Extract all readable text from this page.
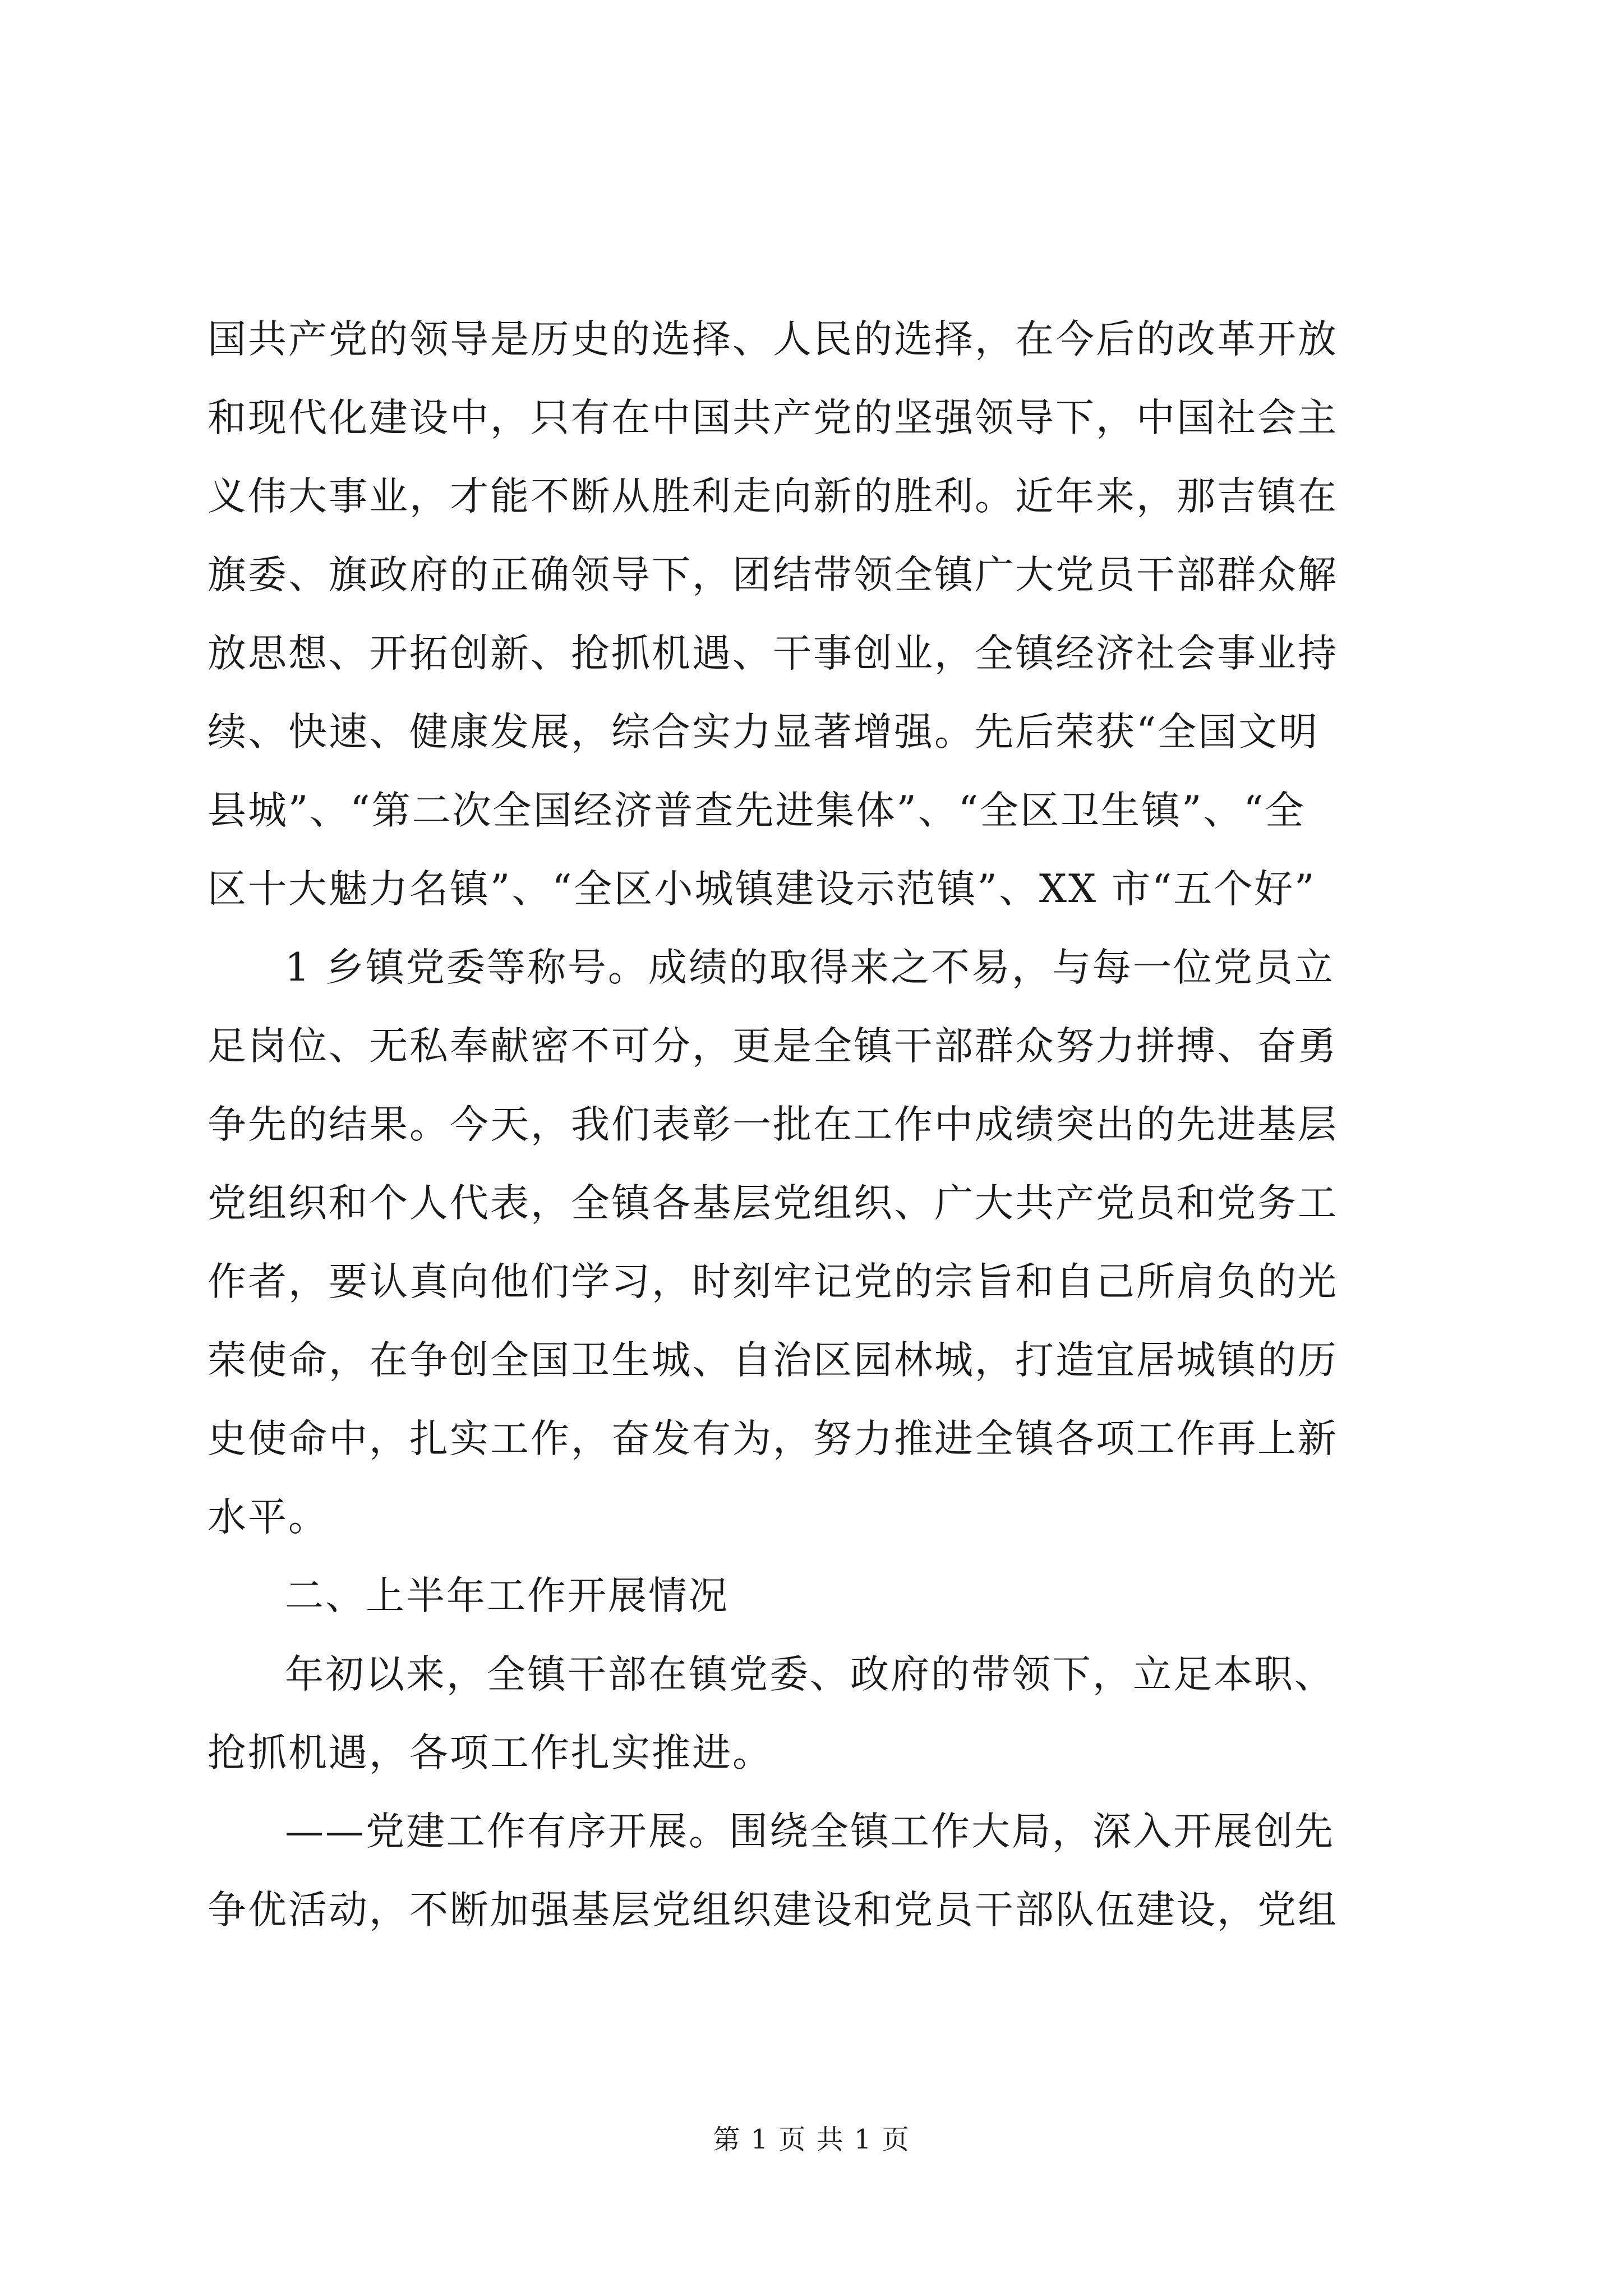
国共产党的领导是历史的选择、人民的选择，在今后的改革开放
和现代化建设中，只有在中国共产党的坚强领导下，中国社会主
义伟大事业，才能不断从胜利走向新的胜利。近年来，那吉镇在
旗委、旗政府的正确领导下，团结带领全镇广大党员干部群众解
放思想、开拓创新、抢抓机遇、干事创业，全镇经济社会事业持
续、快速、健康发展，综合实力显著增强。先后荣获“全国文明
县城”、“第二次全国经济普查先进集体”、“全区卫生镇”、“全
区十大魅力名镇”、“全区小城镇建设示范镇”、XX 市“五个好”
1 乡镇党委等称号。成绩的取得来之不易，与每一位党员立
足岗位、无私奉献密不可分，更是全镇干部群众努力拼搏、奋勇
争先的结果。今天，我们表彰一批在工作中成绩突出的先进基层
党组织和个人代表，全镇各基层党组织、广大共产党员和党务工
作者，要认真向他们学习，时刻牢记党的宗旨和自己所肩负的光
荣使命，在争创全国卫生城、自治区园林城，打造宜居城镇的历
史使命中，扎实工作，奋发有为，努力推进全镇各项工作再上新
水平。
二、上半年工作开展情况
年初以来，全镇干部在镇党委、政府的带领下，立足本职、
抢抓机遇，各项工作扎实推进。
——党建工作有序开展。围绕全镇工作大局，深入开展创先
争优活动，不断加强基层党组织建设和党员干部队伍建设，党组
第 1 页 共 1 页
